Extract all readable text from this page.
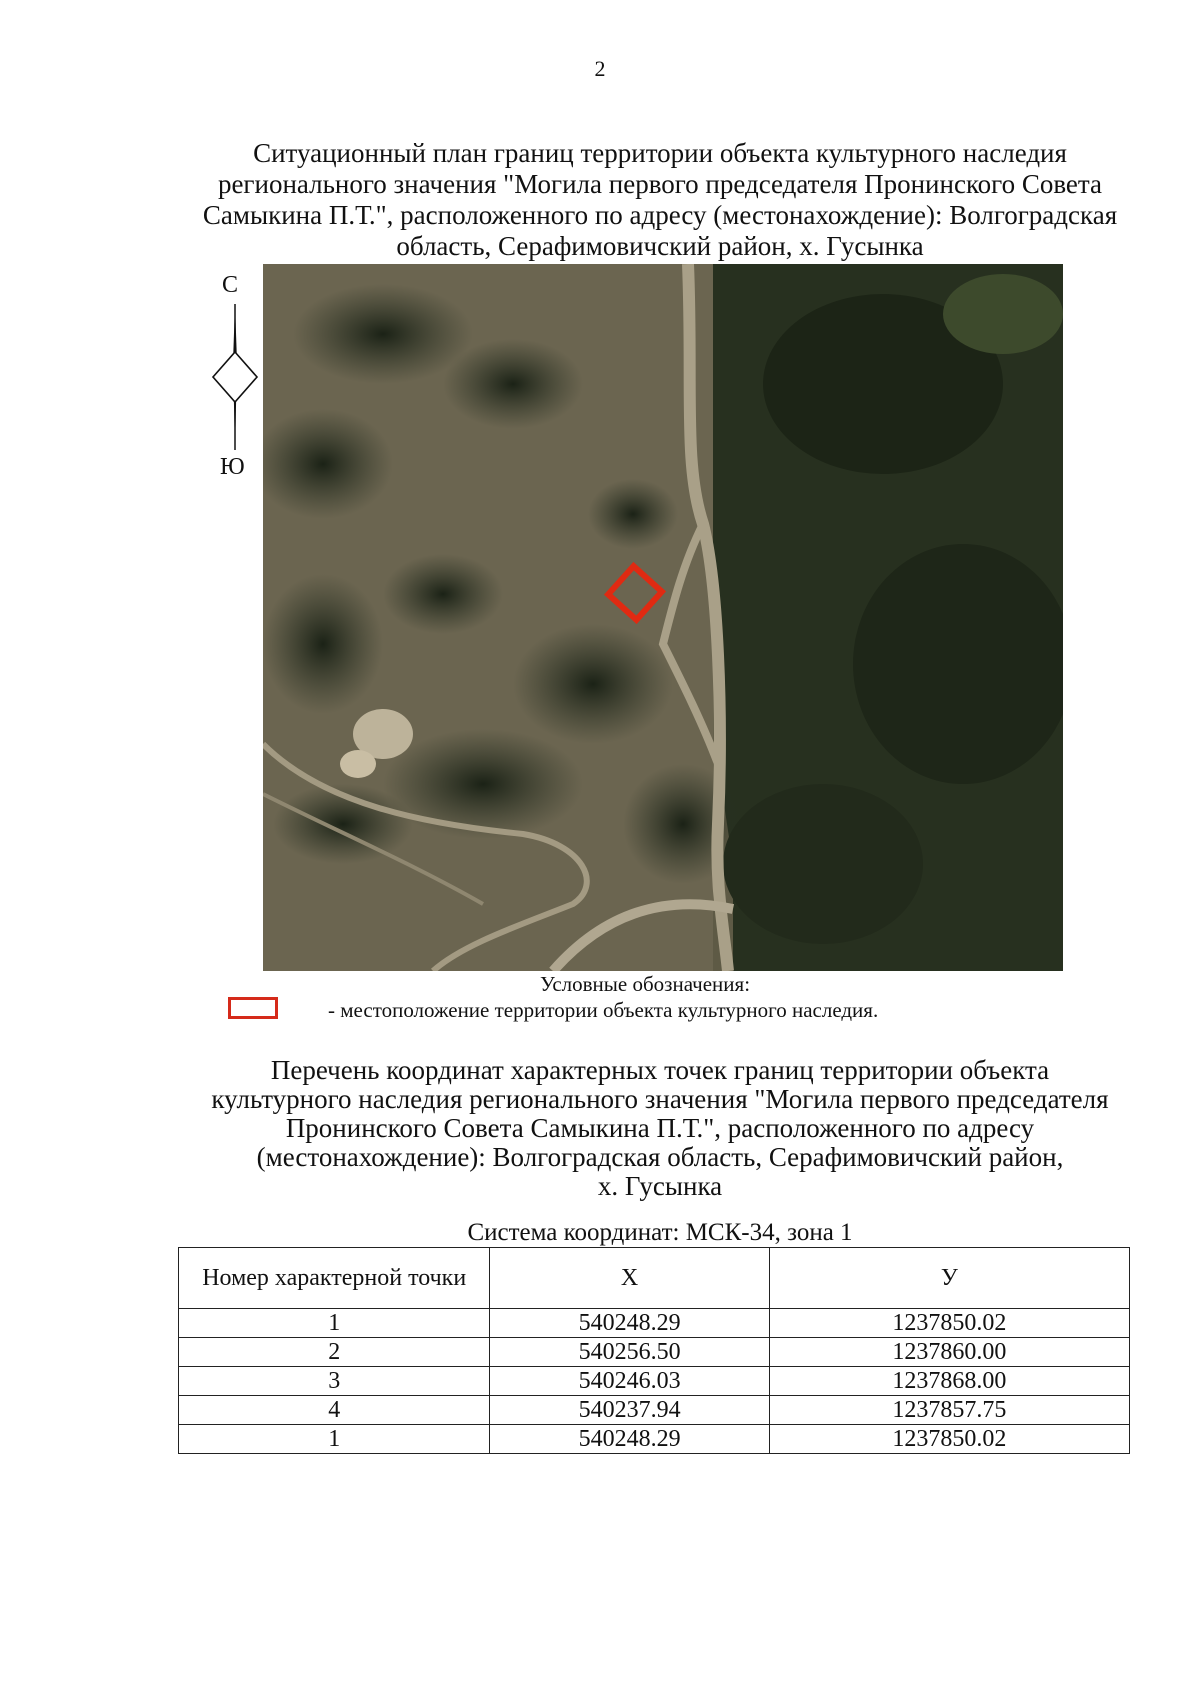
2
Ситуационный план границ территории объекта культурного наследия
регионального значения "Могила первого председателя Пронинского Совета
Самыкина П.Т.", расположенного по адресу (местонахождение): Волгоградская
область, Серафимовичский район, х. Гусынка
С
Ю
Условные обозначения:
- местоположение территории объекта культурного наследия.
Перечень координат характерных точек границ территории объекта
культурного наследия регионального значения "Могила первого председателя
Пронинского Совета Самыкина П.Т.", расположенного по адресу
(местонахождение): Волгоградская область, Серафимовичский район,
х. Гусынка
Система координат: МСК-34, зона 1
Номер характерной точки	X	У
1	540248.29	1237850.02
2	540256.50	1237860.00
3	540246.03	1237868.00
4	540237.94	1237857.75
1	540248.29	1237850.02
